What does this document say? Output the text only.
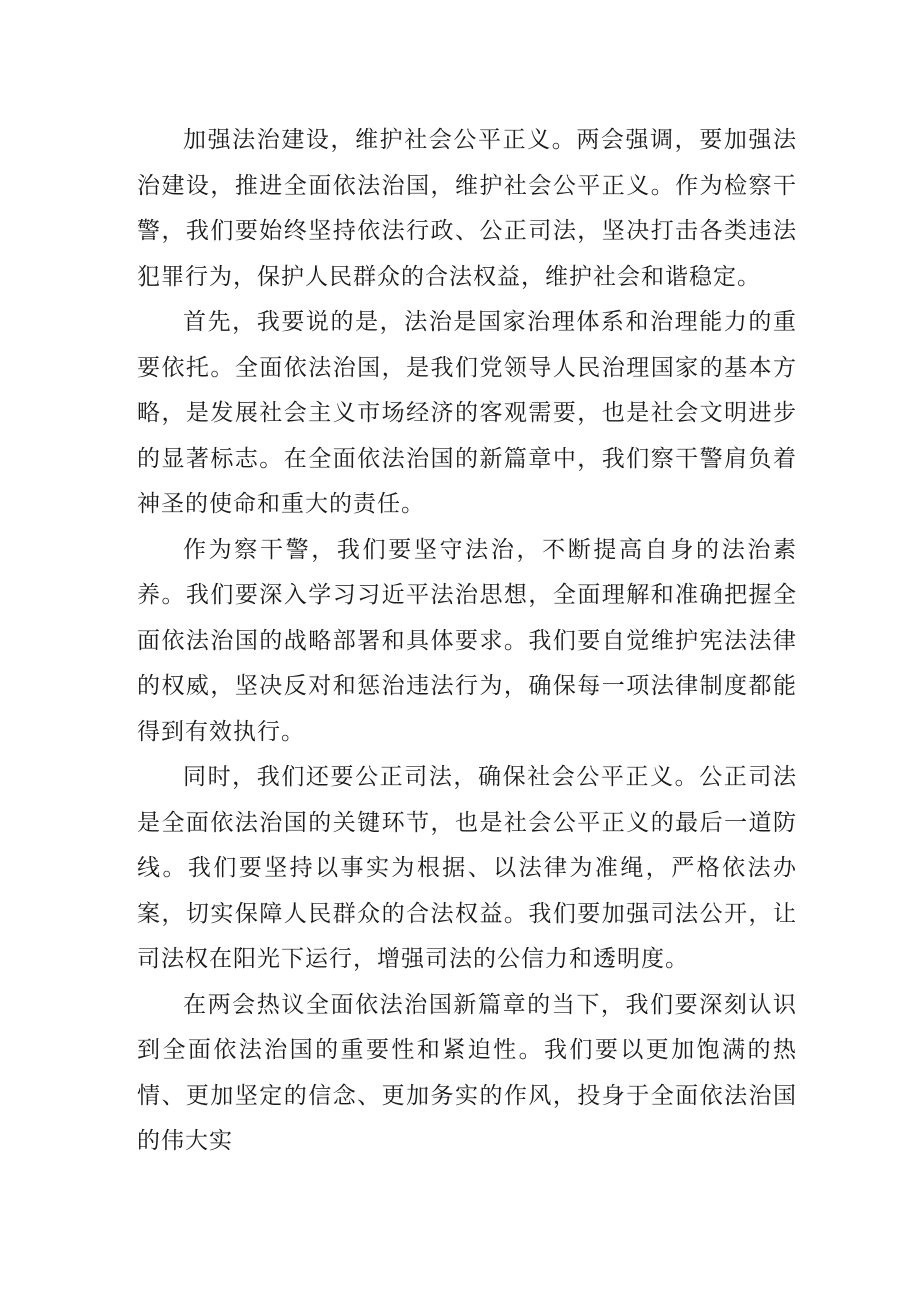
加强法治建设，维护社会公平正义。两会强调，要加强法治建设，推进全面依法治国，维护社会公平正义。作为检察干警，我们要始终坚持依法行政、公正司法，坚决打击各类违法犯罪行为，保护人民群众的合法权益，维护社会和谐稳定。

首先，我要说的是，法治是国家治理体系和治理能力的重要依托。全面依法治国，是我们党领导人民治理国家的基本方略，是发展社会主义市场经济的客观需要，也是社会文明进步的显著标志。在全面依法治国的新篇章中，我们察干警肩负着神圣的使命和重大的责任。

作为察干警，我们要坚守法治，不断提高自身的法治素养。我们要深入学习习近平法治思想，全面理解和准确把握全面依法治国的战略部署和具体要求。我们要自觉维护宪法法律的权威，坚决反对和惩治违法行为，确保每一项法律制度都能得到有效执行。

同时，我们还要公正司法，确保社会公平正义。公正司法是全面依法治国的关键环节，也是社会公平正义的最后一道防线。我们要坚持以事实为根据、以法律为准绳，严格依法办案，切实保障人民群众的合法权益。我们要加强司法公开，让司法权在阳光下运行，增强司法的公信力和透明度。

在两会热议全面依法治国新篇章的当下，我们要深刻认识到全面依法治国的重要性和紧迫性。我们要以更加饱满的热情、更加坚定的信念、更加务实的作风，投身于全面依法治国的伟大实
